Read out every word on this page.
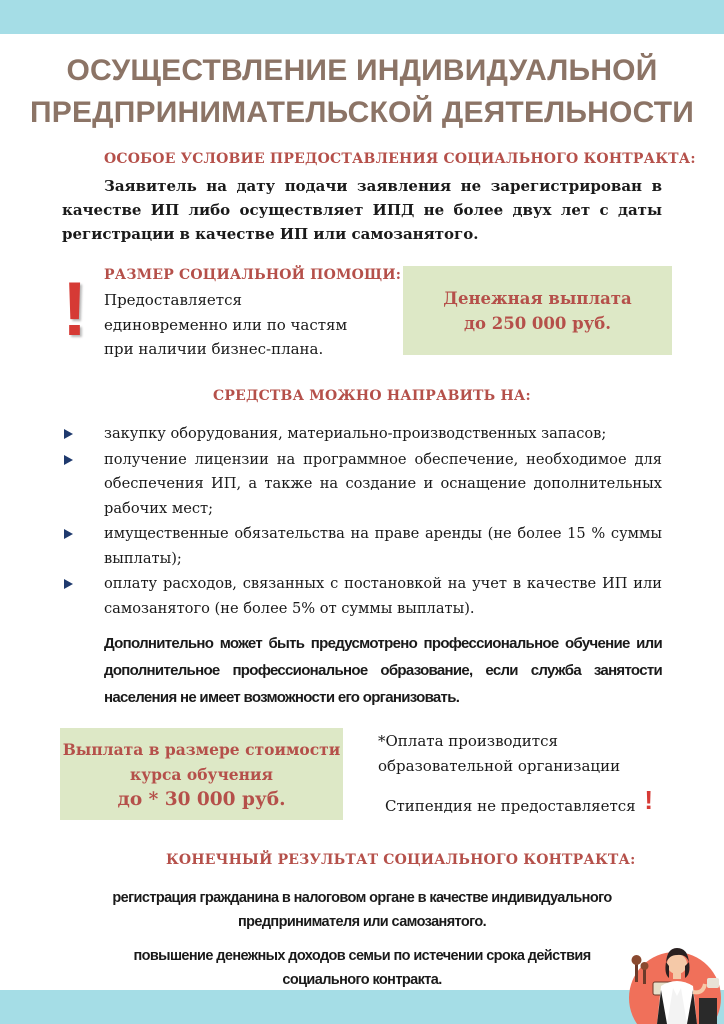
ОСУЩЕСТВЛЕНИЕ ИНДИВИДУАЛЬНОЙ
ПРЕДПРИНИМАТЕЛЬСКОЙ ДЕЯТЕЛЬНОСТИ
ОСОБОЕ УСЛОВИЕ ПРЕДОСТАВЛЕНИЯ СОЦИАЛЬНОГО КОНТРАКТА:
Заявитель на дату подачи заявления не зарегистрирован в
качестве ИП либо осуществляет ИПД не более двух лет с даты регистрации в качестве ИП или самозанятого.
! РАЗМЕР СОЦИАЛЬНОЙ ПОМОЩИ:
Предоставляется
единовременно или по частям
при наличии бизнес-плана.
Денежная выплата
до 250 000 руб.
СРЕДСТВА МОЖНО НАПРАВИТЬ НА:
закупку оборудования, материально-производственных запасов;
получение лицензии на программное обеспечение, необходимое для обеспечения ИП, а также на создание и оснащение дополнительных рабочих мест;
имущественные обязательства на праве аренды (не более 15 % суммы выплаты);
оплату расходов, связанных с постановкой на учет в качестве ИП или самозанятого (не более 5% от суммы выплаты).
Дополнительно может быть предусмотрено профессиональное обучение или дополнительное профессиональное образование, если служба занятости населения не имеет возможности его организовать.
Выплата в размере стоимости
курса обучения
до * 30 000 руб.
*Оплата производится
образовательной организации
Стипендия не предоставляется !
КОНЕЧНЫЙ РЕЗУЛЬТАТ СОЦИАЛЬНОГО КОНТРАКТА:
регистрация гражданина в налоговом органе в качестве индивидуального
предпринимателя или самозанятого.
повышение денежных доходов семьи по истечении срока действия
социального контракта.
